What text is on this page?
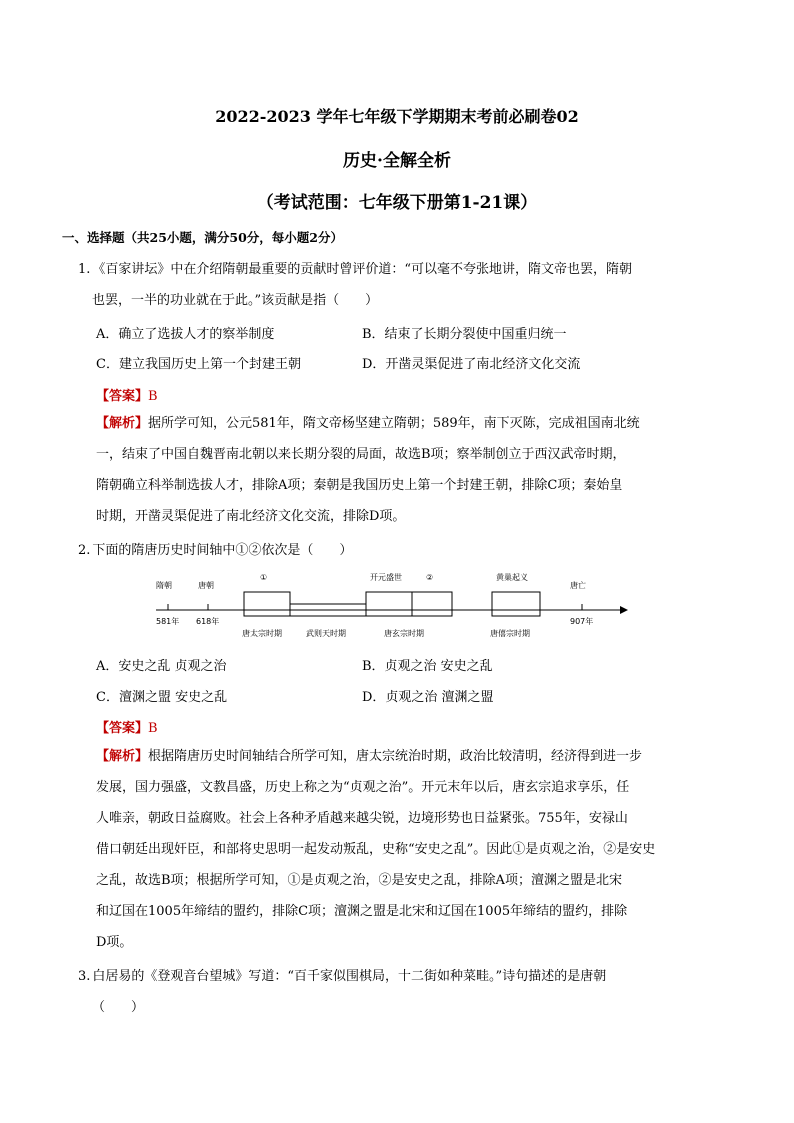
2022-2023 学年七年级下学期期末考前必刷卷02
历史·全解全析
（考试范围：七年级下册第1-21课）
一、选择题（共25小题，满分50分，每小题2分）
1. 《百家讲坛》中在介绍隋朝最重要的贡献时曾评价道：“可以毫不夸张地讲，隋文帝也罢，隋朝
也罢，一半的功业就在于此。”该贡献是指（　　）
A．确立了选拔人才的察举制度	B．结束了长期分裂使中国重归统一
C．建立我国历史上第一个封建王朝	D．开凿灵渠促进了南北经济文化交流
【答案】B
【解析】据所学可知，公元581年，隋文帝杨坚建立隋朝；589年，南下灭陈，完成祖国南北统
一，结束了中国自魏晋南北朝以来长期分裂的局面，故选B项；察举制创立于西汉武帝时期，
隋朝确立科举制选拔人才，排除A项；秦朝是我国历史上第一个封建王朝，排除C项；秦始皇
时期，开凿灵渠促进了南北经济文化交流，排除D项。
2. 下面的隋唐历史时间轴中①②依次是（　　）
隋朝	唐朝
①	开元盛世	②	黄巢起义
唐亡
581年 618年	907年
唐太宗时期	武则天时期	唐玄宗时期	唐僖宗时期
A．安史之乱 贞观之治	B．贞观之治 安史之乱
C．澶渊之盟 安史之乱	D．贞观之治 澶渊之盟
【答案】B
【解析】根据隋唐历史时间轴结合所学可知，唐太宗统治时期，政治比较清明，经济得到进一步
发展，国力强盛，文教昌盛，历史上称之为“贞观之治”。开元末年以后，唐玄宗追求享乐，任
人唯亲，朝政日益腐败。社会上各种矛盾越来越尖锐，边境形势也日益紧张。755年，安禄山
借口朝廷出现奸臣，和部将史思明一起发动叛乱，史称“安史之乱”。因此①是贞观之治，②是安史
之乱，故选B项；根据所学可知，①是贞观之治，②是安史之乱，排除A项；澶渊之盟是北宋
和辽国在1005年缔结的盟约，排除C项；澶渊之盟是北宋和辽国在1005年缔结的盟约，排除
D项。
3. 白居易的《登观音台望城》写道：“百千家似围棋局，十二街如种菜畦。”诗句描述的是唐朝
（　　）
